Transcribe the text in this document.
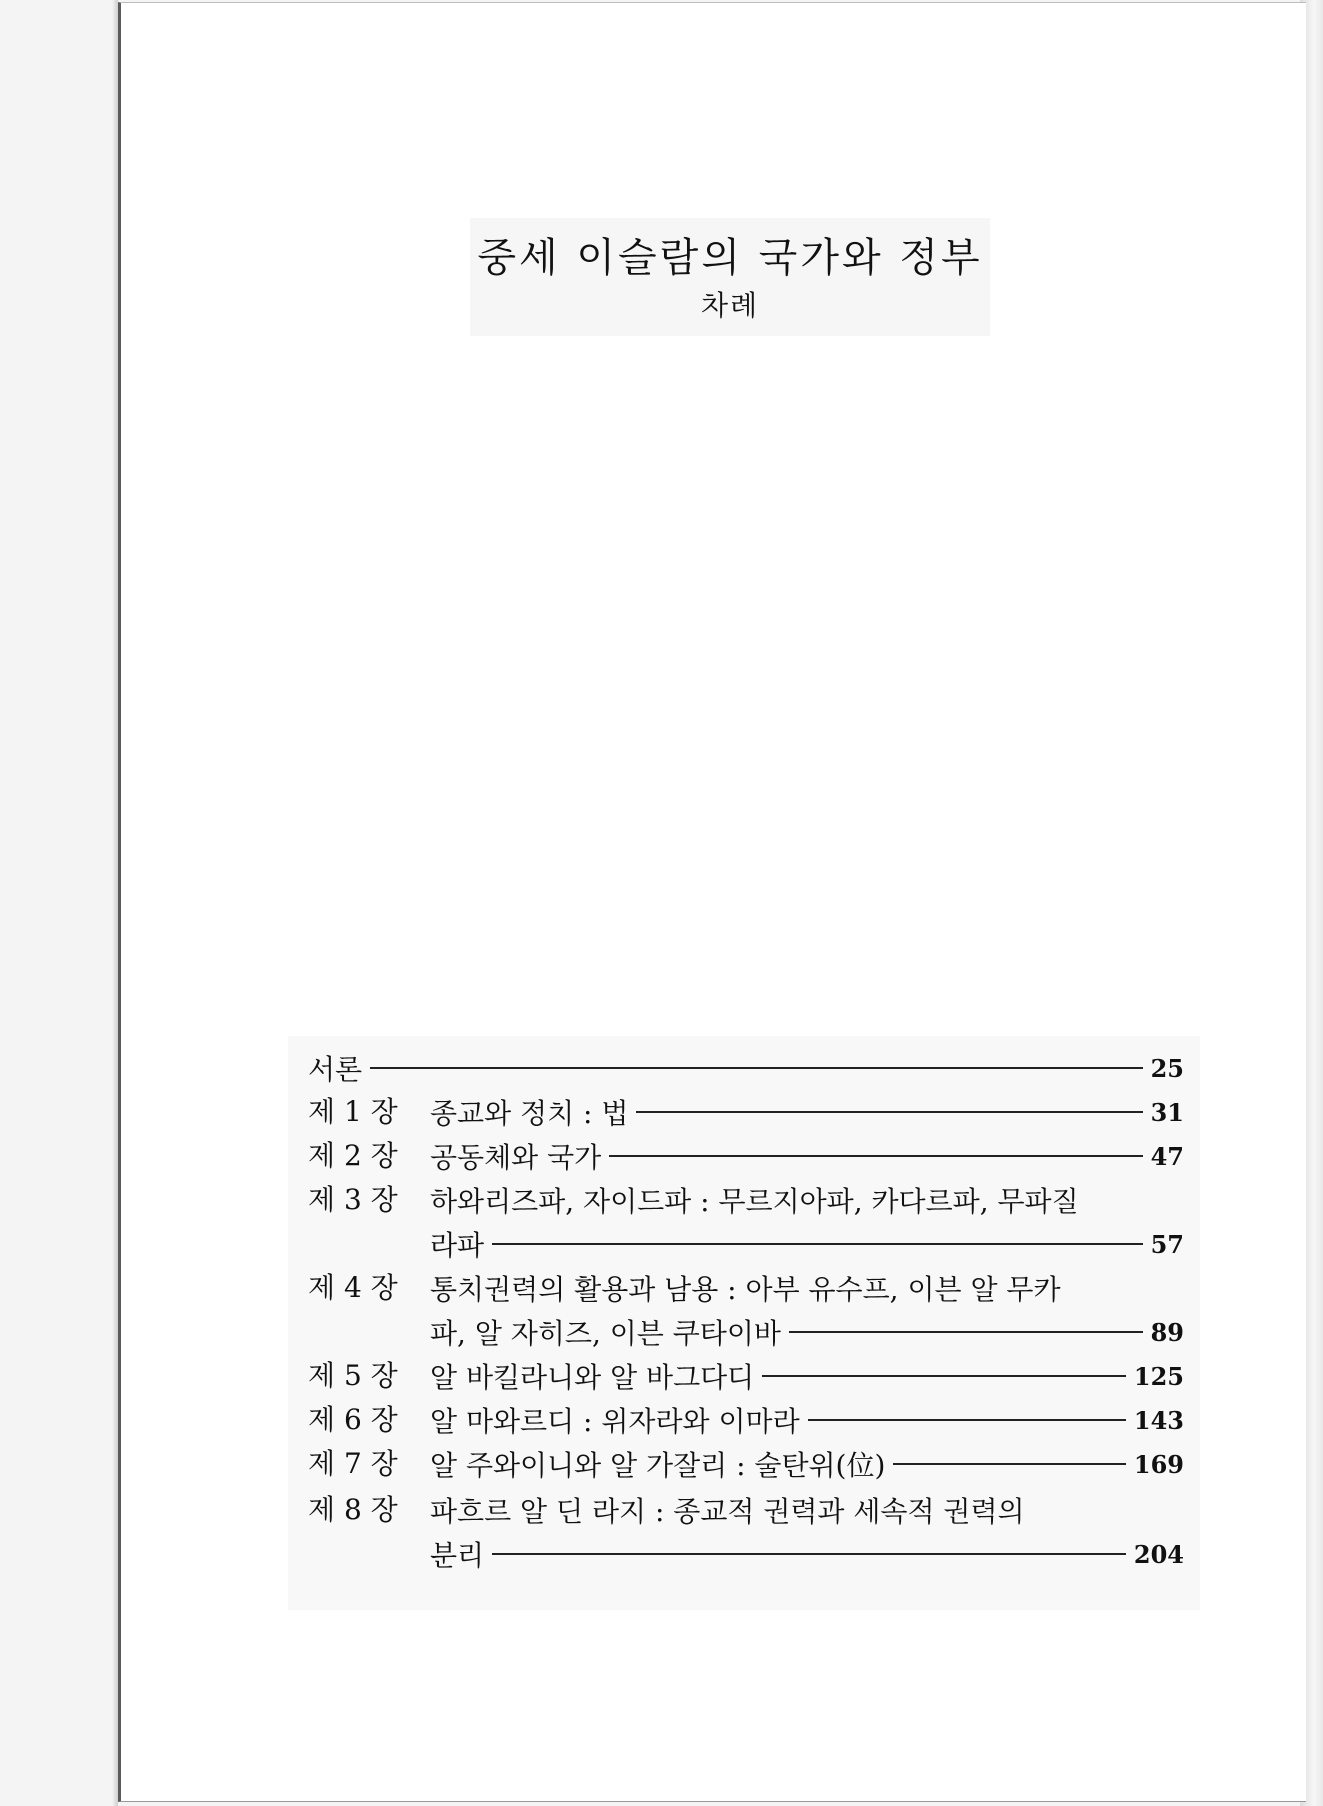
중세 이슬람의 국가와 정부
차례
서론	25
제 1 장 종교와 정치 : 법	31
제 2 장 공동체와 국가	47
제 3 장 하와리즈파, 자이드파 : 무르지아파, 카다르파, 무파질
라파	57
제 4 장 통치권력의 활용과 남용 : 아부 유수프, 이븐 알 무카
파, 알 자히즈, 이븐 쿠타이바	89
제 5 장 알 바킬라니와 알 바그다디	125
제 6 장 알 마와르디 : 위자라와 이마라	143
제 7 장 알 주와이니와 알 가잘리 : 술탄위(位)	169
제 8 장 파흐르 알 딘 라지 : 종교적 권력과 세속적 권력의
분리	204
